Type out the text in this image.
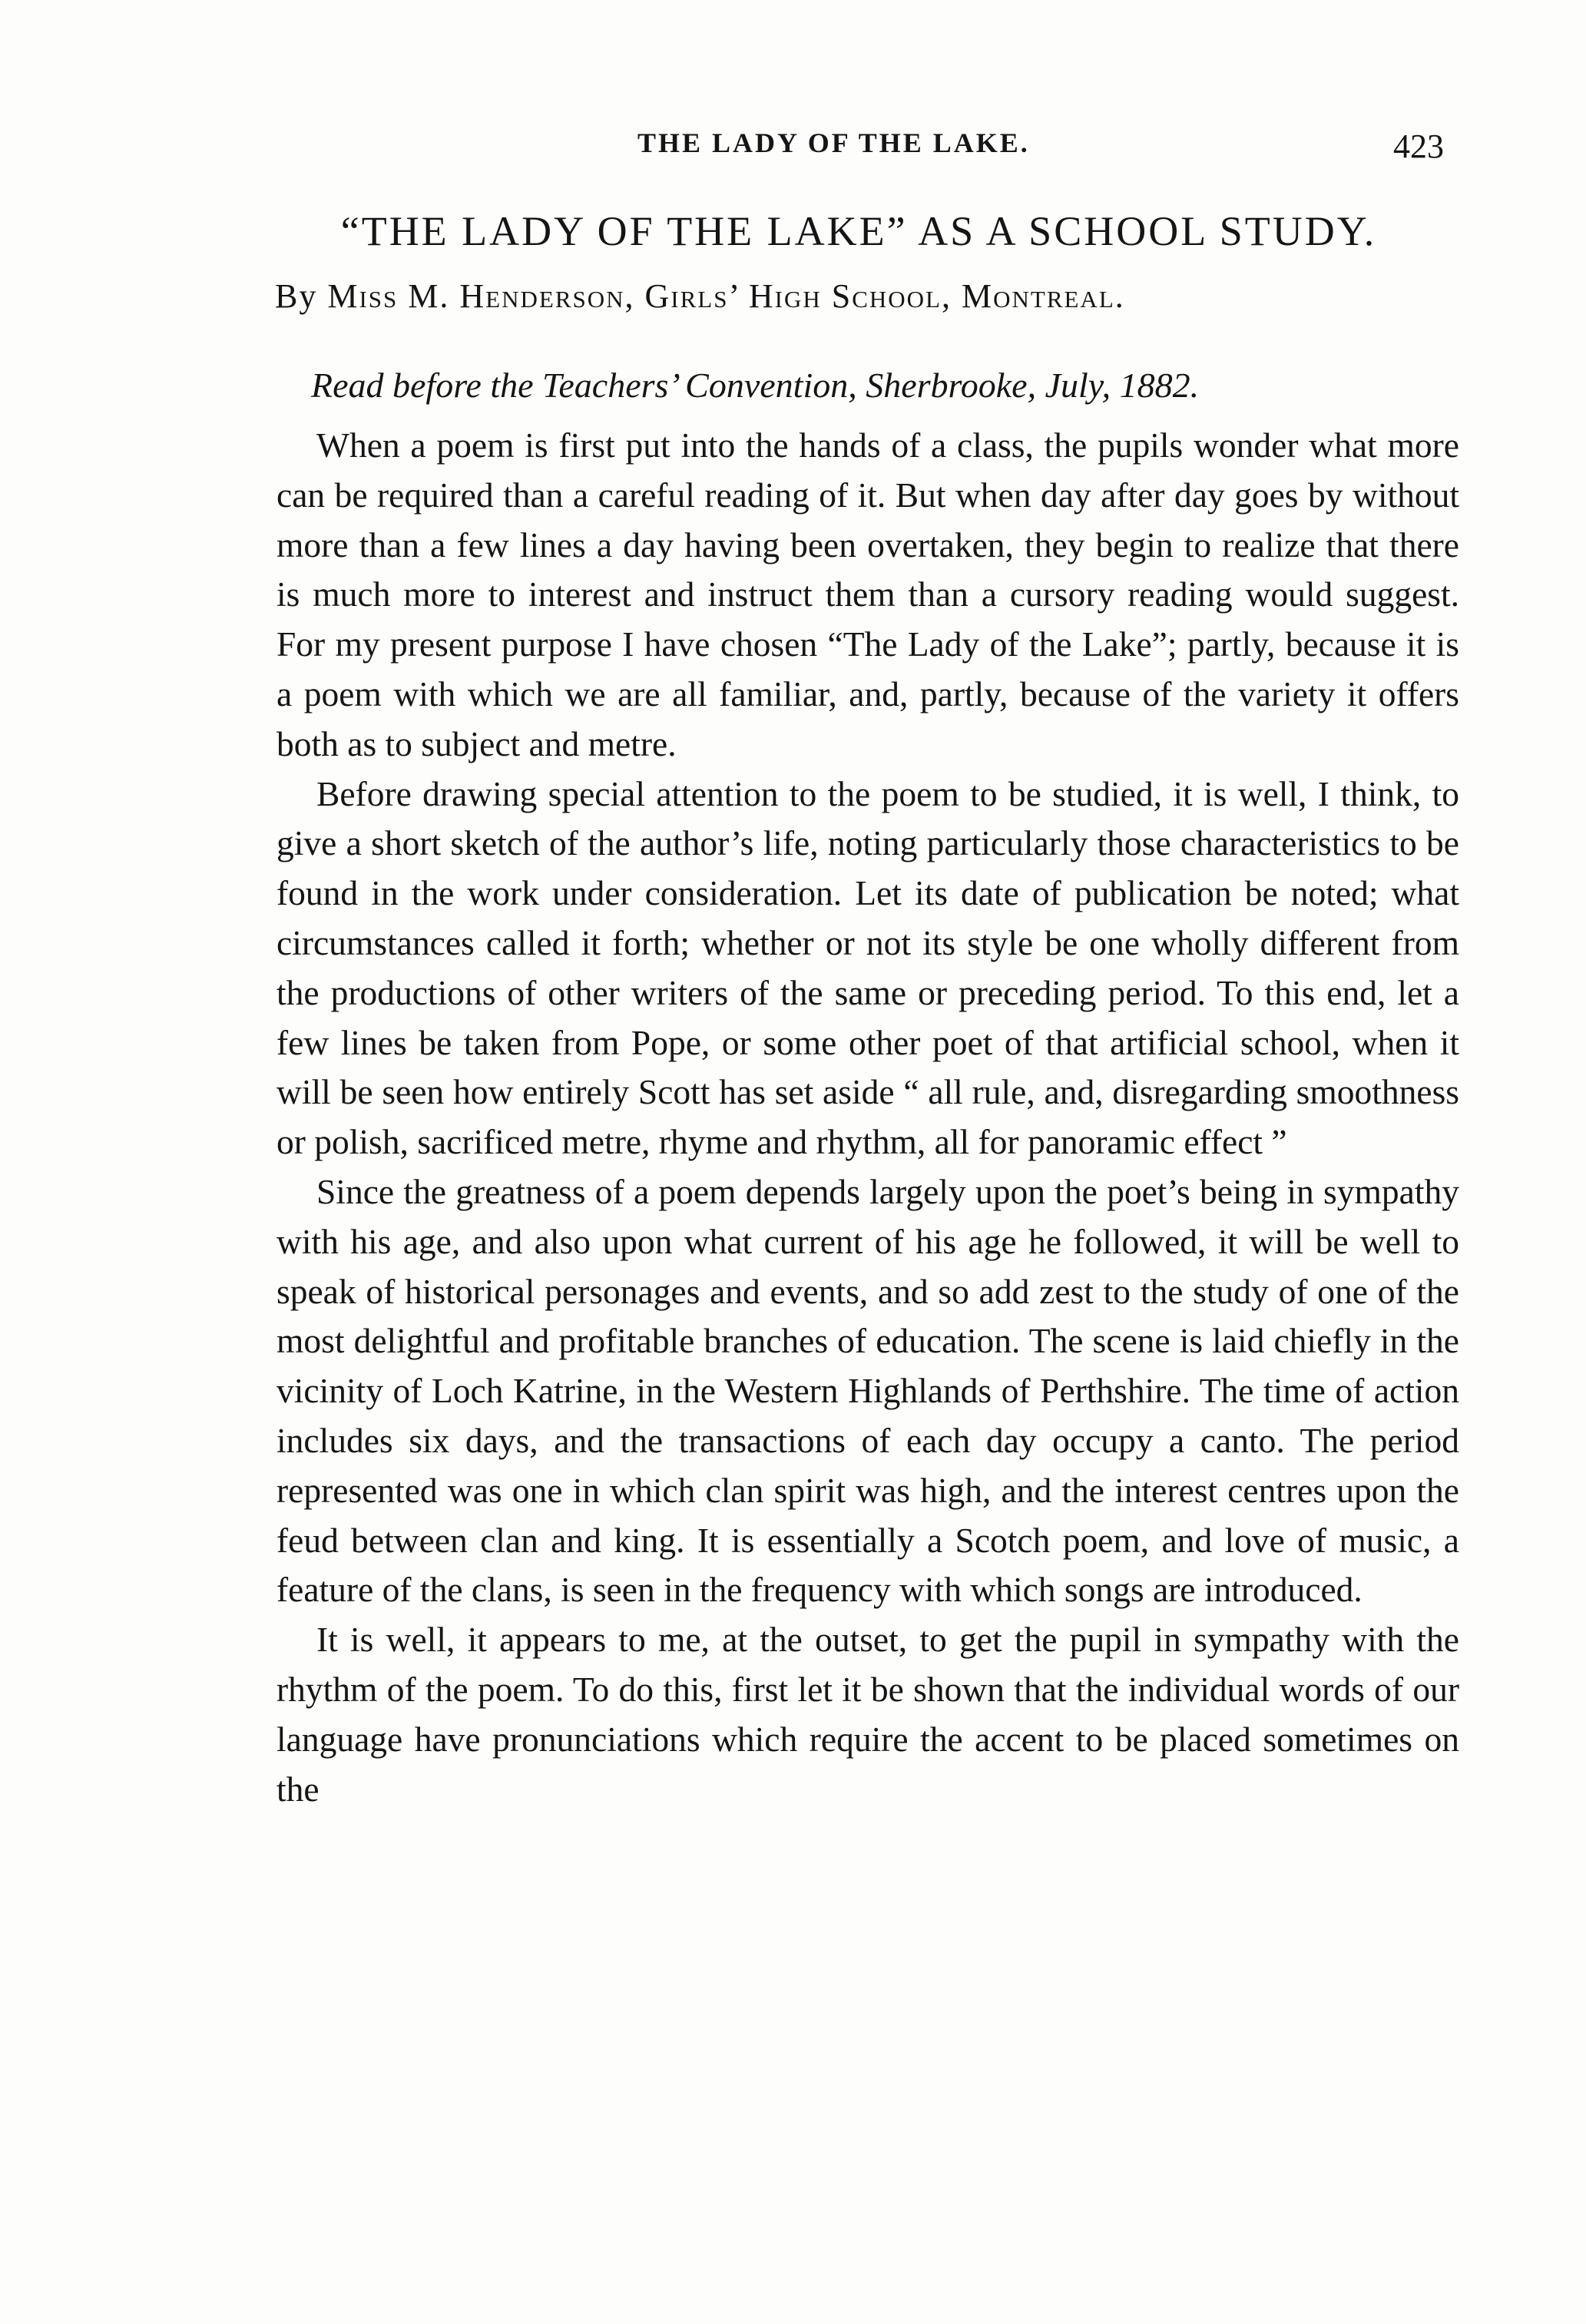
THE LADY OF THE LAKE.	423
“THE LADY OF THE LAKE” AS A SCHOOL STUDY.
By Miss M. Henderson, Girls’ High School, Montreal.
Read before the Teachers’ Convention, Sherbrooke, July, 1882.

When a poem is first put into the hands of a class, the pupils wonder what more can be required than a careful reading of it. But when day after day goes by without more than a few lines a day having been overtaken, they begin to realize that there is much more to interest and instruct them than a cursory reading would suggest. For my present purpose I have chosen “The Lady of the Lake”; partly, because it is a poem with which we are all familiar, and, partly, because of the variety it offers both as to subject and metre.

Before drawing special attention to the poem to be studied, it is well, I think, to give a short sketch of the author’s life, noting particularly those characteristics to be found in the work under consideration. Let its date of publication be noted; what circumstances called it forth; whether or not its style be one wholly different from the productions of other writers of the same or preceding period. To this end, let a few lines be taken from Pope, or some other poet of that artificial school, when it will be seen how entirely Scott has set aside “ all rule, and, disregarding smoothness or polish, sacrificed metre, rhyme and rhythm, all for panoramic effect ”

Since the greatness of a poem depends largely upon the poet’s being in sympathy with his age, and also upon what current of his age he followed, it will be well to speak of historical personages and events, and so add zest to the study of one of the most delightful and profitable branches of education. The scene is laid chiefly in the vicinity of Loch Katrine, in the Western Highlands of Perthshire. The time of action includes six days, and the transactions of each day occupy a canto. The period represented was one in which clan spirit was high, and the interest centres upon the feud between clan and king. It is essentially a Scotch poem, and love of music, a feature of the clans, is seen in the frequency with which songs are introduced.

It is well, it appears to me, at the outset, to get the pupil in sympathy with the rhythm of the poem. To do this, first let it be shown that the individual words of our language have pronunciations which require the accent to be placed sometimes on the
